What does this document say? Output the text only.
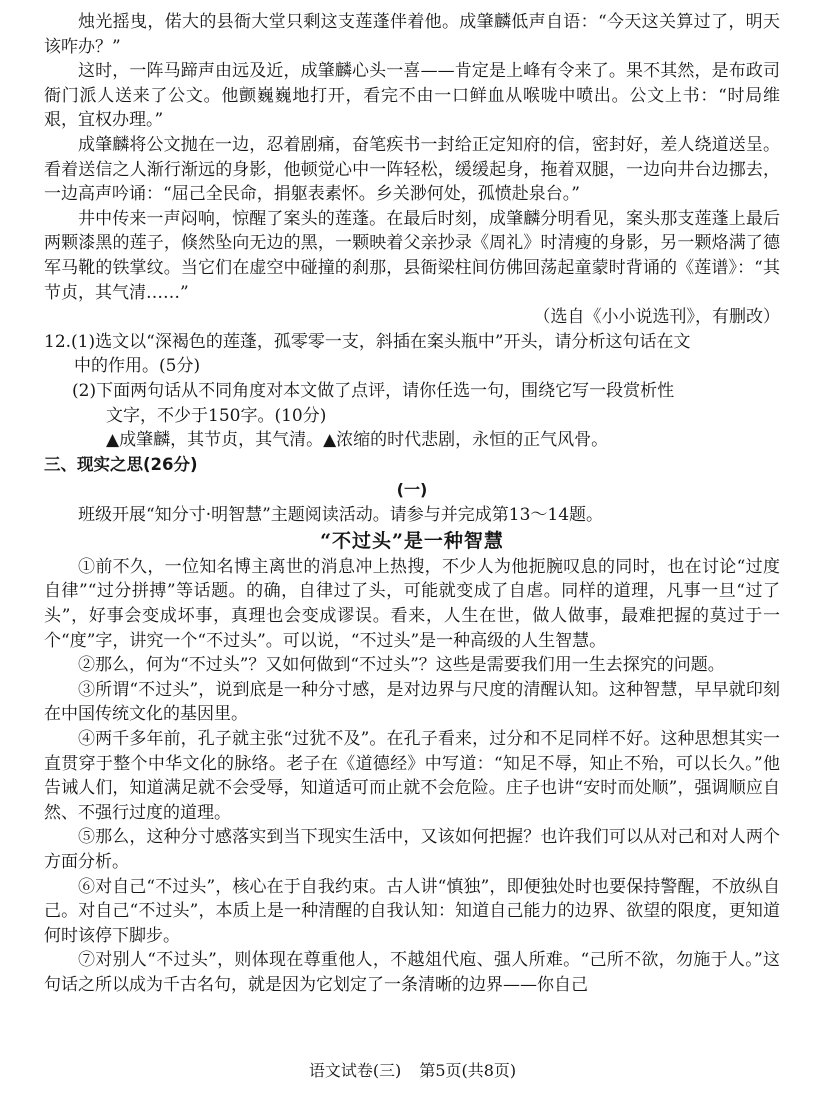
烛光摇曳，偌大的县衙大堂只剩这支莲蓬伴着他。成肇麟低声自语：“今天这关算过了，明天该咋办？”

这时，一阵马蹄声由远及近，成肇麟心头一喜——肯定是上峰有令来了。果不其然，是布政司衙门派人送来了公文。他颤巍巍地打开，看完不由一口鲜血从喉咙中喷出。公文上书：“时局维艰，宜权办理。”

成肇麟将公文抛在一边，忍着剧痛，奋笔疾书一封给正定知府的信，密封好，差人绕道送呈。看着送信之人渐行渐远的身影，他顿觉心中一阵轻松，缓缓起身，拖着双腿，一边向井台边挪去，一边高声吟诵：“屈己全民命，捐躯表素怀。乡关渺何处，孤愤赴泉台。”

井中传来一声闷响，惊醒了案头的莲蓬。在最后时刻，成肇麟分明看见，案头那支莲蓬上最后两颗漆黑的莲子，倏然坠向无边的黑，一颗映着父亲抄录《周礼》时清瘦的身影，另一颗烙满了德军马靴的铁掌纹。当它们在虚空中碰撞的刹那，县衙梁柱间仿佛回荡起童蒙时背诵的《莲谱》：“其节贞，其气清……”

（选自《小小说选刊》，有删改）

12.(1)选文以“深褐色的莲蓬，孤零零一支，斜插在案头瓶中”开头，请分析这句话在文

中的作用。(5分)

(2)下面两句话从不同角度对本文做了点评，请你任选一句，围绕它写一段赏析性

文字，不少于150字。(10分)

▲成肇麟，其节贞，其气清。▲浓缩的时代悲剧，永恒的正气风骨。

三、现实之思(26分)

(一)

班级开展“知分寸·明智慧”主题阅读活动。请参与并完成第13～14题。

“不过头”是一种智慧

①前不久，一位知名博主离世的消息冲上热搜，不少人为他扼腕叹息的同时，也在讨论“过度自律”“过分拼搏”等话题。的确，自律过了头，可能就变成了自虐。同样的道理，凡事一旦“过了头”，好事会变成坏事，真理也会变成谬误。看来，人生在世，做人做事，最难把握的莫过于一个“度”字，讲究一个“不过头”。可以说，“不过头”是一种高级的人生智慧。

②那么，何为“不过头”？又如何做到“不过头”？这些是需要我们用一生去探究的问题。

③所谓“不过头”，说到底是一种分寸感，是对边界与尺度的清醒认知。这种智慧，早早就印刻在中国传统文化的基因里。

④两千多年前，孔子就主张“过犹不及”。在孔子看来，过分和不足同样不好。这种思想其实一直贯穿于整个中华文化的脉络。老子在《道德经》中写道：“知足不辱，知止不殆，可以长久。”他告诫人们，知道满足就不会受辱，知道适可而止就不会危险。庄子也讲“安时而处顺”，强调顺应自然、不强行过度的道理。

⑤那么，这种分寸感落实到当下现实生活中，又该如何把握？也许我们可以从对己和对人两个方面分析。

⑥对自己“不过头”，核心在于自我约束。古人讲“慎独”，即便独处时也要保持警醒，不放纵自己。对自己“不过头”，本质上是一种清醒的自我认知：知道自己能力的边界、欲望的限度，更知道何时该停下脚步。

⑦对别人“不过头”，则体现在尊重他人，不越俎代庖、强人所难。“己所不欲，勿施于人。”这句话之所以成为千古名句，就是因为它划定了一条清晰的边界——你自己

语文试卷(三) 第5页(共8页)
